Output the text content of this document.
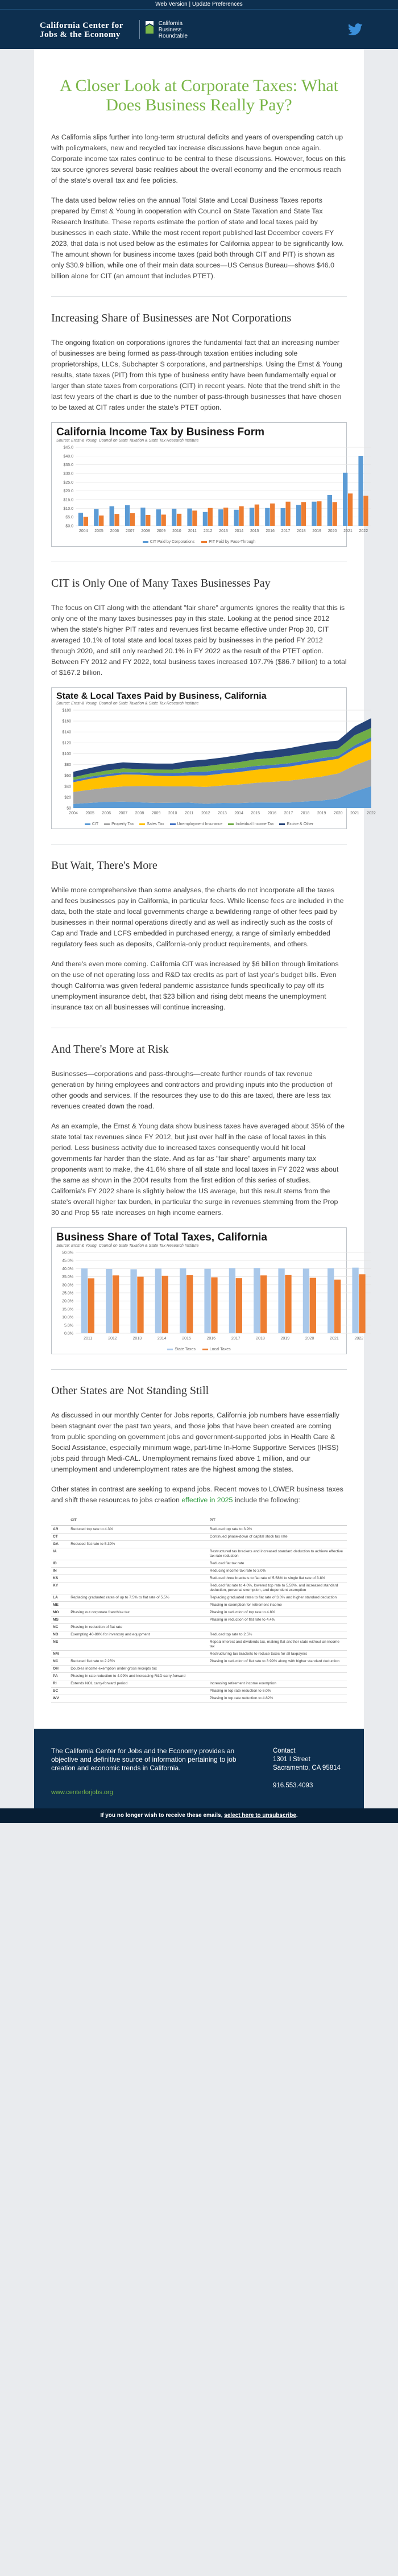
Web Version | Update Preferences
California Center for
Jobs & the Economy

California
Business
Roundtable
A Closer Look at Corporate Taxes: What Does Business Really Pay?

As California slips further into long-term structural deficits and years of overspending catch up with policymakers, new and recycled tax increase discussions have begun once again. Corporate income tax rates continue to be central to these discussions. However, focus on this tax source ignores several basic realities about the overall economy and the enormous reach of the state's overall tax and fee policies.

The data used below relies on the annual Total State and Local Business Taxes reports prepared by Ernst & Young in cooperation with Council on State Taxation and State Tax Research Institute. These reports estimate the portion of state and local taxes paid by businesses in each state. While the most recent report published last December covers FY 2023, that data is not used below as the estimates for California appear to be significantly low. The amount shown for business income taxes (paid both through CIT and PIT) is shown as only $30.9 billion, while one of their main data sources—US Census Bureau—shows $46.0 billion alone for CIT (an amount that includes PTET).

Increasing Share of Businesses are Not Corporations

The ongoing fixation on corporations ignores the fundamental fact that an increasing number of businesses are being formed as pass-through taxation entities including sole proprietorships, LLCs, Subchapter S corporations, and partnerships. Using the Ernst & Young results, state taxes (PIT) from this type of business entity have been fundamentally equal or larger than state taxes from corporations (CIT) in recent years. Note that the trend shift in the last few years of the chart is due to the number of pass-through businesses that have chosen to be taxed at CIT rates under the state's PTET option.

California Income Tax by Business Form
Source: Ernst & Young, Council on State Taxation & State Tax Research Institute
$0.0
$5.0
$10.0
$15.0
$20.0
$25.0
$30.0
$35.0
$40.0
$45.0
2004 2005 2006 2007 2008 2009 2010 2011 2012 2013 2014 2015 2016 2017 2018 2019 2020 2021 2022
CIT Paid by Corporations	PIT Paid by Pass-Through
CIT is Only One of Many Taxes Businesses Pay

The focus on CIT along with the attendant "fair share" arguments ignores the reality that this is only one of the many taxes businesses pay in this state. Looking at the period since 2012 when the state's higher PIT rates and revenues first became effective under Prop 30, CIT averaged 10.1% of total state and local taxes paid by businesses in the period FY 2012 through 2020, and still only reached 20.1% in FY 2022 as the result of the PTET option. Between FY 2012 and FY 2022, total business taxes increased 107.7% ($86.7 billion) to a total of $167.2 billion.

State & Local Taxes Paid by Business, California
Source: Ernst & Young, Council on State Taxation & State Tax Research Institute
$0
$20
$40
$60
$80
$100
$120
$140
$160
$180
2004 2005 2006 2007 2008 2009 2010 2011 2012 2013 2014 2015 2016 2017 2018 2019 2020 2021 2022
CIT	Property Tax	Sales Tax	Unemployment Insurance	Individual Income Tax	Excise & Other
But Wait, There's More

While more comprehensive than some analyses, the charts do not incorporate all the taxes and fees businesses pay in California, in particular fees. While license fees are included in the data, both the state and local governments charge a bewildering range of other fees paid by businesses in their normal operations directly and as well as indirectly such as the costs of Cap and Trade and LCFS embedded in purchased energy, a range of similarly embedded regulatory fees such as deposits, California-only product requirements, and others.

And there's even more coming. California CIT was increased by $6 billion through limitations on the use of net operating loss and R&D tax credits as part of last year's budget bills. Even though California was given federal pandemic assistance funds specifically to pay off its unemployment insurance debt, that $23 billion and rising debt means the unemployment insurance tax on all businesses will continue increasing.

And There's More at Risk

Businesses—corporations and pass-throughs—create further rounds of tax revenue generation by hiring employees and contractors and providing inputs into the production of other goods and services. If the resources they use to do this are taxed, there are less tax revenues created down the road.

As an example, the Ernst & Young data show business taxes have averaged about 35% of the state total tax revenues since FY 2012, but just over half in the case of local taxes in this period. Less business activity due to increased taxes consequently would hit local governments far harder than the state. And as far as "fair share" arguments many tax proponents want to make, the 41.6% share of all state and local taxes in FY 2022 was about the same as shown in the 2004 results from the first edition of this series of studies. California's FY 2022 share is slightly below the US average, but this result stems from the state's overall higher tax burden, in particular the surge in revenues stemming from the Prop 30 and Prop 55 rate increases on high income earners.

Business Share of Total Taxes, California
Source: Ernst & Young, Council on State Taxation & State Tax Research Institute
0.0%
5.0%
10.0%
15.0%
20.0%
25.0%
30.0%
35.0%
40.0%
45.0%
50.0%
2011	2012	2013	2014	2015	2016	2017	2018	2019	2020	2021	2022
State Taxes	Local Taxes
Other States are Not Standing Still

As discussed in our monthly Center for Jobs reports, California job numbers have essentially been stagnant over the past two years, and those jobs that have been created are coming from public spending on government jobs and government-supported jobs in Health Care & Social Assistance, especially minimum wage, part-time In-Home Supportive Services (IHSS) jobs paid through Medi-CAL. Unemployment remains fixed above 1 million, and our unemployment and underemployment rates are the highest among the states.

Other states in contrast are seeking to expand jobs. Recent moves to LOWER business taxes and shift these resources to jobs creation effective in 2025 include the following:

	CIT	PIT
AR	Reduced top rate to 4.3%	Reduced top rate to 3.9%
CT		Continued phase-down of capital stock tax rate
GA	Reduced flat rate to 5.39%	
IA		Restructured tax brackets and increased standard deduction to achieve effective tax rate reduction
ID		Reduced flat tax rate
IN		Reducing income tax rate to 3.0%
KS		Reduced three brackets to flat rate of 5.58% to single flat rate of 3.8%
KY		Reduced flat rate to 4.0%, lowered top rate to 5.58%, and increased standard deduction, personal exemption, and dependent exemption
LA	Replacing graduated rates of up to 7.5% to flat rate of 5.5%	Replacing graduated rates to flat rate of 3.0% and higher standard deduction
ME		Phasing in exemption for retirement income
MO	Phasing out corporate franchise tax	Phasing in reduction of top rate to 4.8%
MS		Phasing in reduction of flat rate to 4.4%
NC	Phasing in reduction of flat rate	
ND	Exempting 40-80% for inventory and equipment	Reduced top rate to 2.5%
NE		Repeal interest and dividends tax, making flat another state without an income tax
NM		Restructuring tax brackets to reduce taxes for all taxpayers
NC	Reduced flat rate to 2.25%	Phasing in reduction of flat rate to 3.99% along with higher standard deduction
OH	Doubles income exemption under gross receipts tax	
PA	Phasing in rate reduction to 4.99% and increasing R&D carry-forward	
RI	Extends NOL carry-forward period	Increasing retirement income exemption
SC		Phasing in top rate reduction to 6.0%
WV		Phasing in top rate reduction to 4.82%
The California Center for Jobs and the Economy provides an objective and definitive source of information pertaining to job creation and economic trends in California.
www.centerforjobs.org
Contact
1301 I Street
Sacramento, CA 95814
916.553.4093
If you no longer wish to receive these emails, select here to unsubscribe.
